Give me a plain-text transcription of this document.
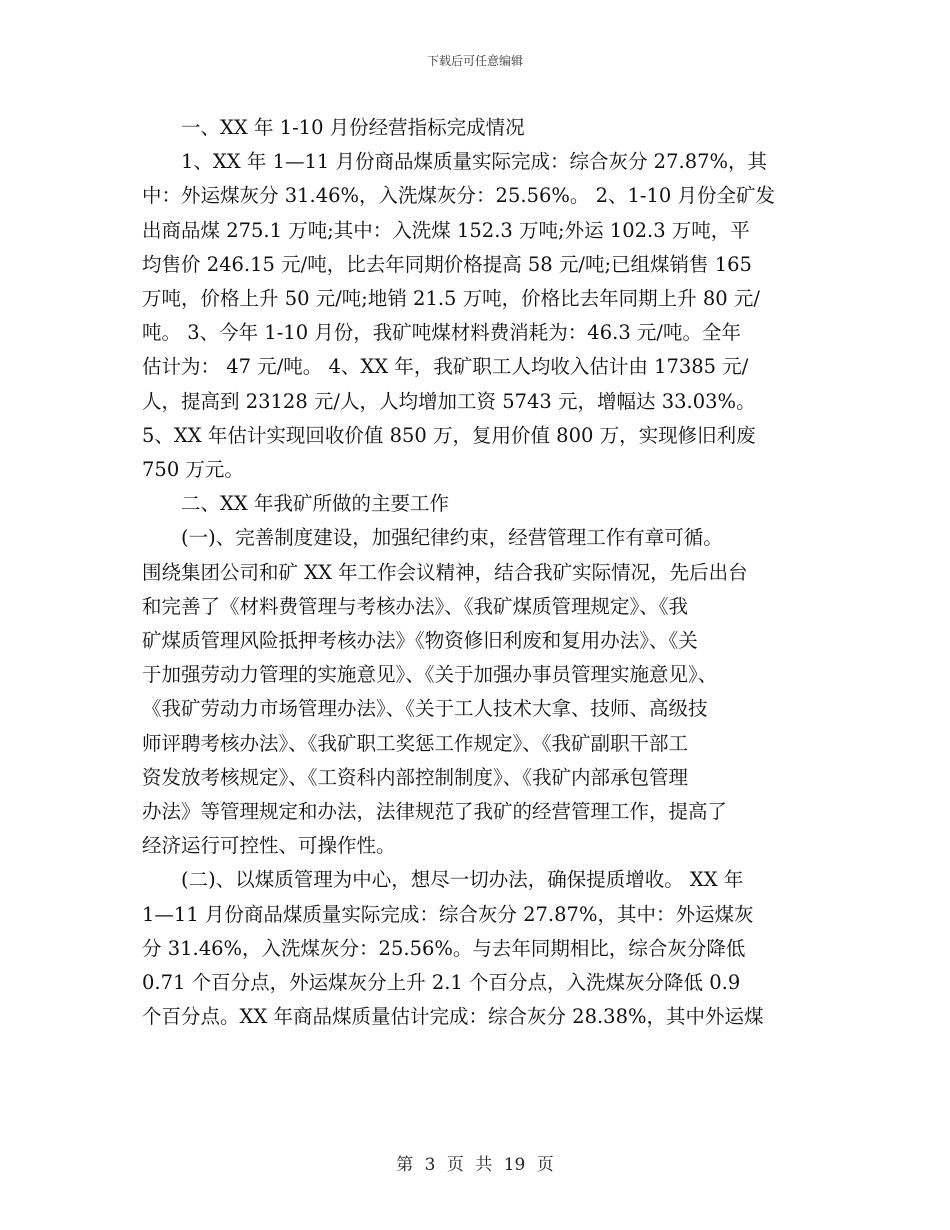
下载后可任意编辑
一、XX 年 1-10 月份经营指标完成情况
1、XX 年 1—11 月份商品煤质量实际完成：综合灰分 27.87%，其
中：外运煤灰分 31.46%，入洗煤灰分：25.56%。 2、1-10 月份全矿发
出商品煤 275.1 万吨;其中：入洗煤 152.3 万吨;外运 102.3 万吨，平
均售价 246.15 元/吨，比去年同期价格提高 58 元/吨;已组煤销售 165
万吨，价格上升 50 元/吨;地销 21.5 万吨，价格比去年同期上升 80 元/
吨。 3、今年 1-10 月份，我矿吨煤材料费消耗为：46.3 元/吨。全年
估计为： 47 元/吨。 4、XX 年，我矿职工人均收入估计由 17385 元/
人，提高到 23128 元/人，人均增加工资 5743 元，增幅达 33.03%。
5、XX 年估计实现回收价值 850 万，复用价值 800 万，实现修旧利废
750 万元。
二、XX 年我矿所做的主要工作
(一)、完善制度建设，加强纪律约束，经营管理工作有章可循。
围绕集团公司和矿 XX 年工作会议精神，结合我矿实际情况，先后出台
和完善了《材料费管理与考核办法》、《我矿煤质管理规定》、《我
矿煤质管理风险抵押考核办法》《物资修旧利废和复用办法》、《关
于加强劳动力管理的实施意见》、《关于加强办事员管理实施意见》、
《我矿劳动力市场管理办法》、《关于工人技术大拿、技师、高级技
师评聘考核办法》、《我矿职工奖惩工作规定》、《我矿副职干部工
资发放考核规定》、《工资科内部控制制度》、《我矿内部承包管理
办法》等管理规定和办法，法律规范了我矿的经营管理工作，提高了
经济运行可控性、可操作性。
(二)、以煤质管理为中心，想尽一切办法，确保提质增收。 XX 年
1—11 月份商品煤质量实际完成：综合灰分 27.87%，其中：外运煤灰
分 31.46%，入洗煤灰分：25.56%。与去年同期相比，综合灰分降低
0.71 个百分点，外运煤灰分上升 2.1 个百分点，入洗煤灰分降低 0.9
个百分点。XX 年商品煤质量估计完成：综合灰分 28.38%，其中外运煤
第 3 页 共 19 页
